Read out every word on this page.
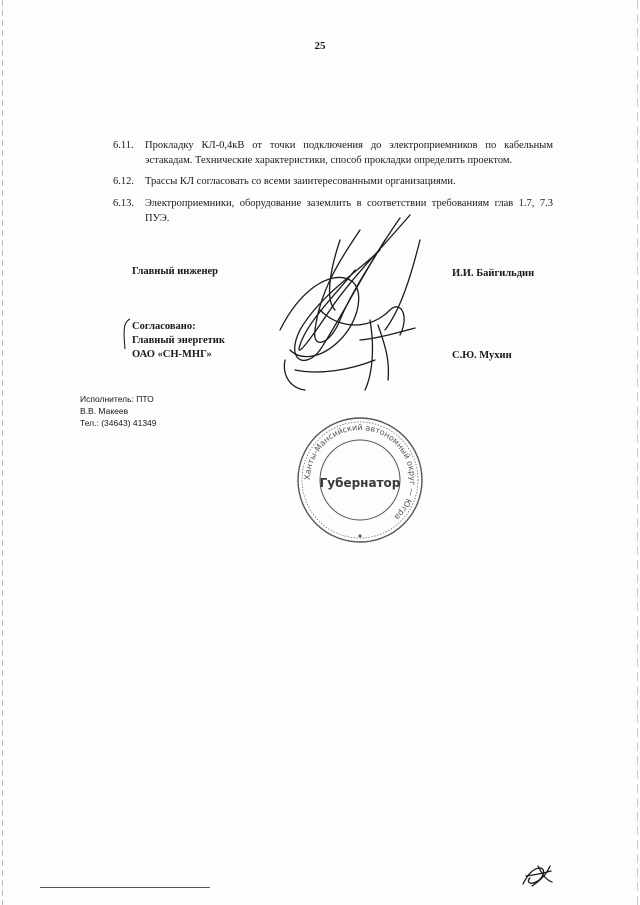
25
6.11. Прокладку КЛ-0,4кВ от точки подключения до электроприемников по кабельным эстакадам. Технические характеристики, способ прокладки определить проектом.
6.12. Трассы КЛ согласовать со всеми заинтересованными организациями.
6.13. Электроприемники, оборудование заземлить в соответствии требованиям глав 1.7, 7.3 ПУЭ.
Главный инженер	И.И. Байгильдин
Согласовано:
Главный энергетик
ОАО «СН-МНГ»	С.Ю. Мухин
Исполнитель: ПТО
В.В. Макеев
Тел.: (34643) 41349
Ханты-Мансийский автономный округ — Югра
Губернатор
